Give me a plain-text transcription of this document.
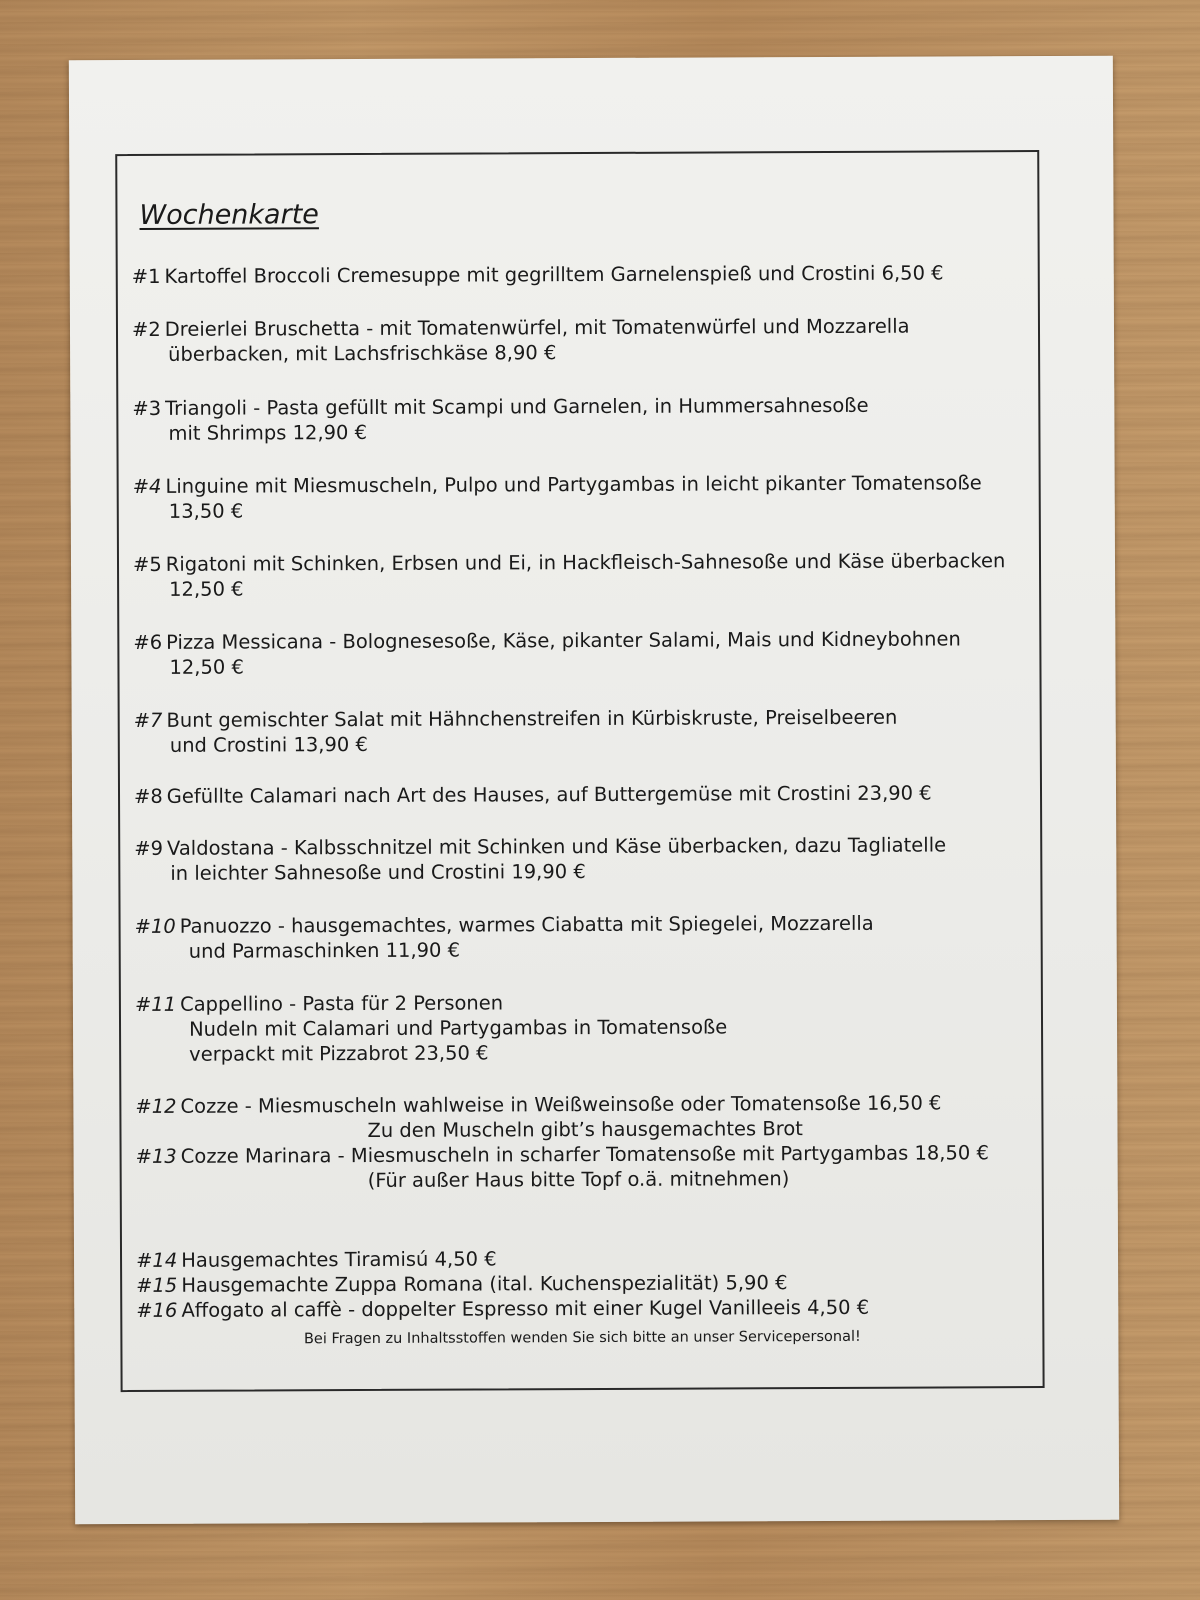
Wochenkarte
#1 Kartoffel Broccoli Cremesuppe mit gegrilltem Garnelenspieß und Crostini 6,50 €
#2 Dreierlei Bruschetta - mit Tomatenwürfel, mit Tomatenwürfel und Mozzarella
überbacken, mit Lachsfrischkäse 8,90 €
#3 Triangoli - Pasta gefüllt mit Scampi und Garnelen, in Hummersahnesoße
mit Shrimps 12,90 €
#4 Linguine mit Miesmuscheln, Pulpo und Partygambas in leicht pikanter Tomatensoße
13,50 €
#5 Rigatoni mit Schinken, Erbsen und Ei, in Hackfleisch-Sahnesoße und Käse überbacken
12,50 €
#6 Pizza Messicana - Bolognesesoße, Käse, pikanter Salami, Mais und Kidneybohnen
12,50 €
#7 Bunt gemischter Salat mit Hähnchenstreifen in Kürbiskruste, Preiselbeeren
und Crostini 13,90 €
#8 Gefüllte Calamari nach Art des Hauses, auf Buttergemüse mit Crostini 23,90 €
#9 Valdostana - Kalbsschnitzel mit Schinken und Käse überbacken, dazu Tagliatelle
in leichter Sahnesoße und Crostini 19,90 €
#10 Panuozzo - hausgemachtes, warmes Ciabatta mit Spiegelei, Mozzarella
und Parmaschinken 11,90 €
#11 Cappellino - Pasta für 2 Personen
Nudeln mit Calamari und Partygambas in Tomatensoße
verpackt mit Pizzabrot 23,50 €
#12 Cozze - Miesmuscheln wahlweise in Weißweinsoße oder Tomatensoße 16,50 €
Zu den Muscheln gibt’s hausgemachtes Brot
#13 Cozze Marinara - Miesmuscheln in scharfer Tomatensoße mit Partygambas 18,50 €
(Für außer Haus bitte Topf o.ä. mitnehmen)
#14 Hausgemachtes Tiramisú 4,50 €
#15 Hausgemachte Zuppa Romana (ital. Kuchenspezialität) 5,90 €
#16 Affogato al caffè - doppelter Espresso mit einer Kugel Vanilleeis 4,50 €
Bei Fragen zu Inhaltsstoffen wenden Sie sich bitte an unser Servicepersonal!
